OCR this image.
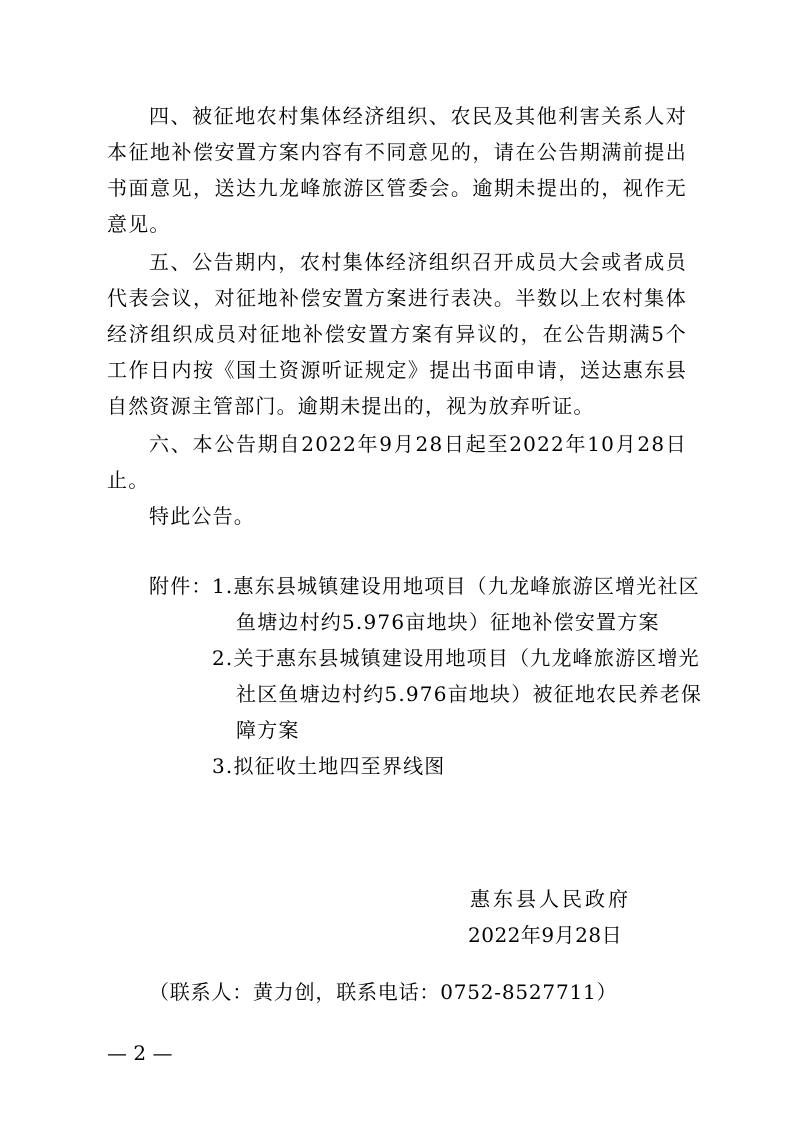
四、被征地农村集体经济组织、农民及其他利害关系人对本征地补偿安置方案内容有不同意见的，请在公告期满前提出书面意见，送达九龙峰旅游区管委会。逾期未提出的，视作无意见。

五、公告期内，农村集体经济组织召开成员大会或者成员代表会议，对征地补偿安置方案进行表决。半数以上农村集体经济组织成员对征地补偿安置方案有异议的，在公告期满5个工作日内按《国土资源听证规定》提出书面申请，送达惠东县自然资源主管部门。逾期未提出的，视为放弃听证。

六、本公告期自2022年9月28日起至2022年10月28日止。

特此公告。

附件： 1.惠东县城镇建设用地项目（九龙峰旅游区增光社区鱼塘边村约5.976亩地块）征地补偿安置方案

2.关于惠东县城镇建设用地项目（九龙峰旅游区增光社区鱼塘边村约5.976亩地块）被征地农民养老保障方案

3.拟征收土地四至界线图

惠东县人民政府
2022年9月28日
（联系人：黄力创，联系电话：0752-8527711）
— 2 —
